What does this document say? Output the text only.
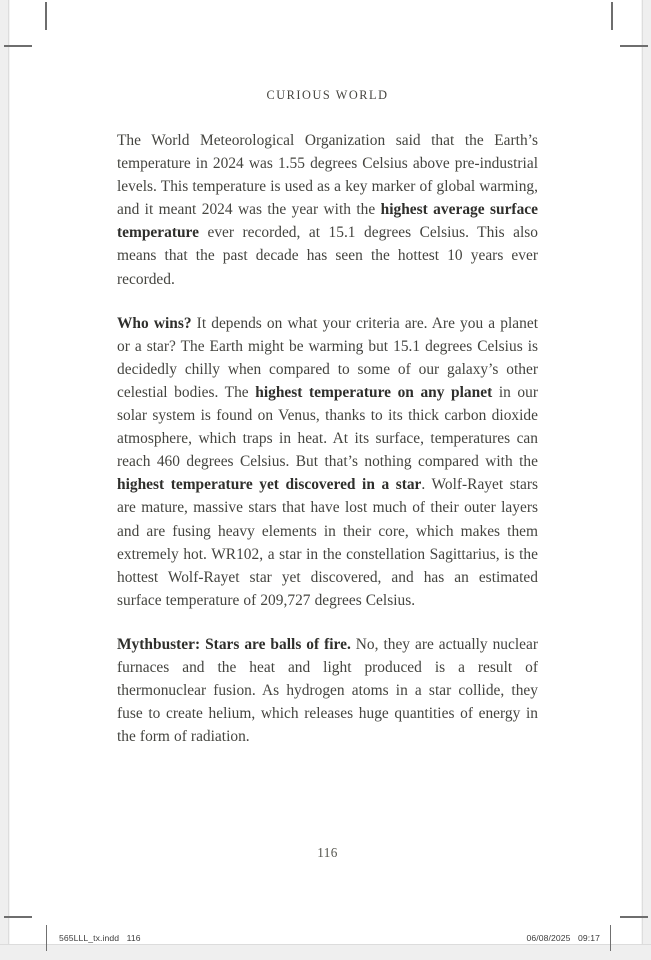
CURIOUS WORLD

The World Meteorological Organization said that the Earth’s temperature in 2024 was 1.55 degrees Celsius above pre-industrial levels. This temperature is used as a key marker of global warming, and it meant 2024 was the year with the highest average surface temperature ever recorded, at 15.1 degrees Celsius. This also means that the past decade has seen the hottest 10 years ever recorded.

Who wins? It depends on what your criteria are. Are you a planet or a star? The Earth might be warming but 15.1 degrees Celsius is decidedly chilly when compared to some of our galaxy’s other celestial bodies. The highest temperature on any planet in our solar system is found on Venus, thanks to its thick carbon dioxide atmosphere, which traps in heat. At its surface, temperatures can reach 460 degrees Celsius. But that’s nothing compared with the highest temperature yet discovered in a star. Wolf-Rayet stars are mature, massive stars that have lost much of their outer layers and are fusing heavy elements in their core, which makes them extremely hot. WR102, a star in the constellation Sagittarius, is the hottest Wolf-Rayet star yet discovered, and has an estimated surface temperature of 209,727 degrees Celsius.

Mythbuster: Stars are balls of fire. No, they are actually nuclear furnaces and the heat and light produced is a result of thermonuclear fusion. As hydrogen atoms in a star collide, they fuse to create helium, which releases huge quantities of energy in the form of radiation.

116
565LLL_tx.indd   116	06/08/2025   09:17
